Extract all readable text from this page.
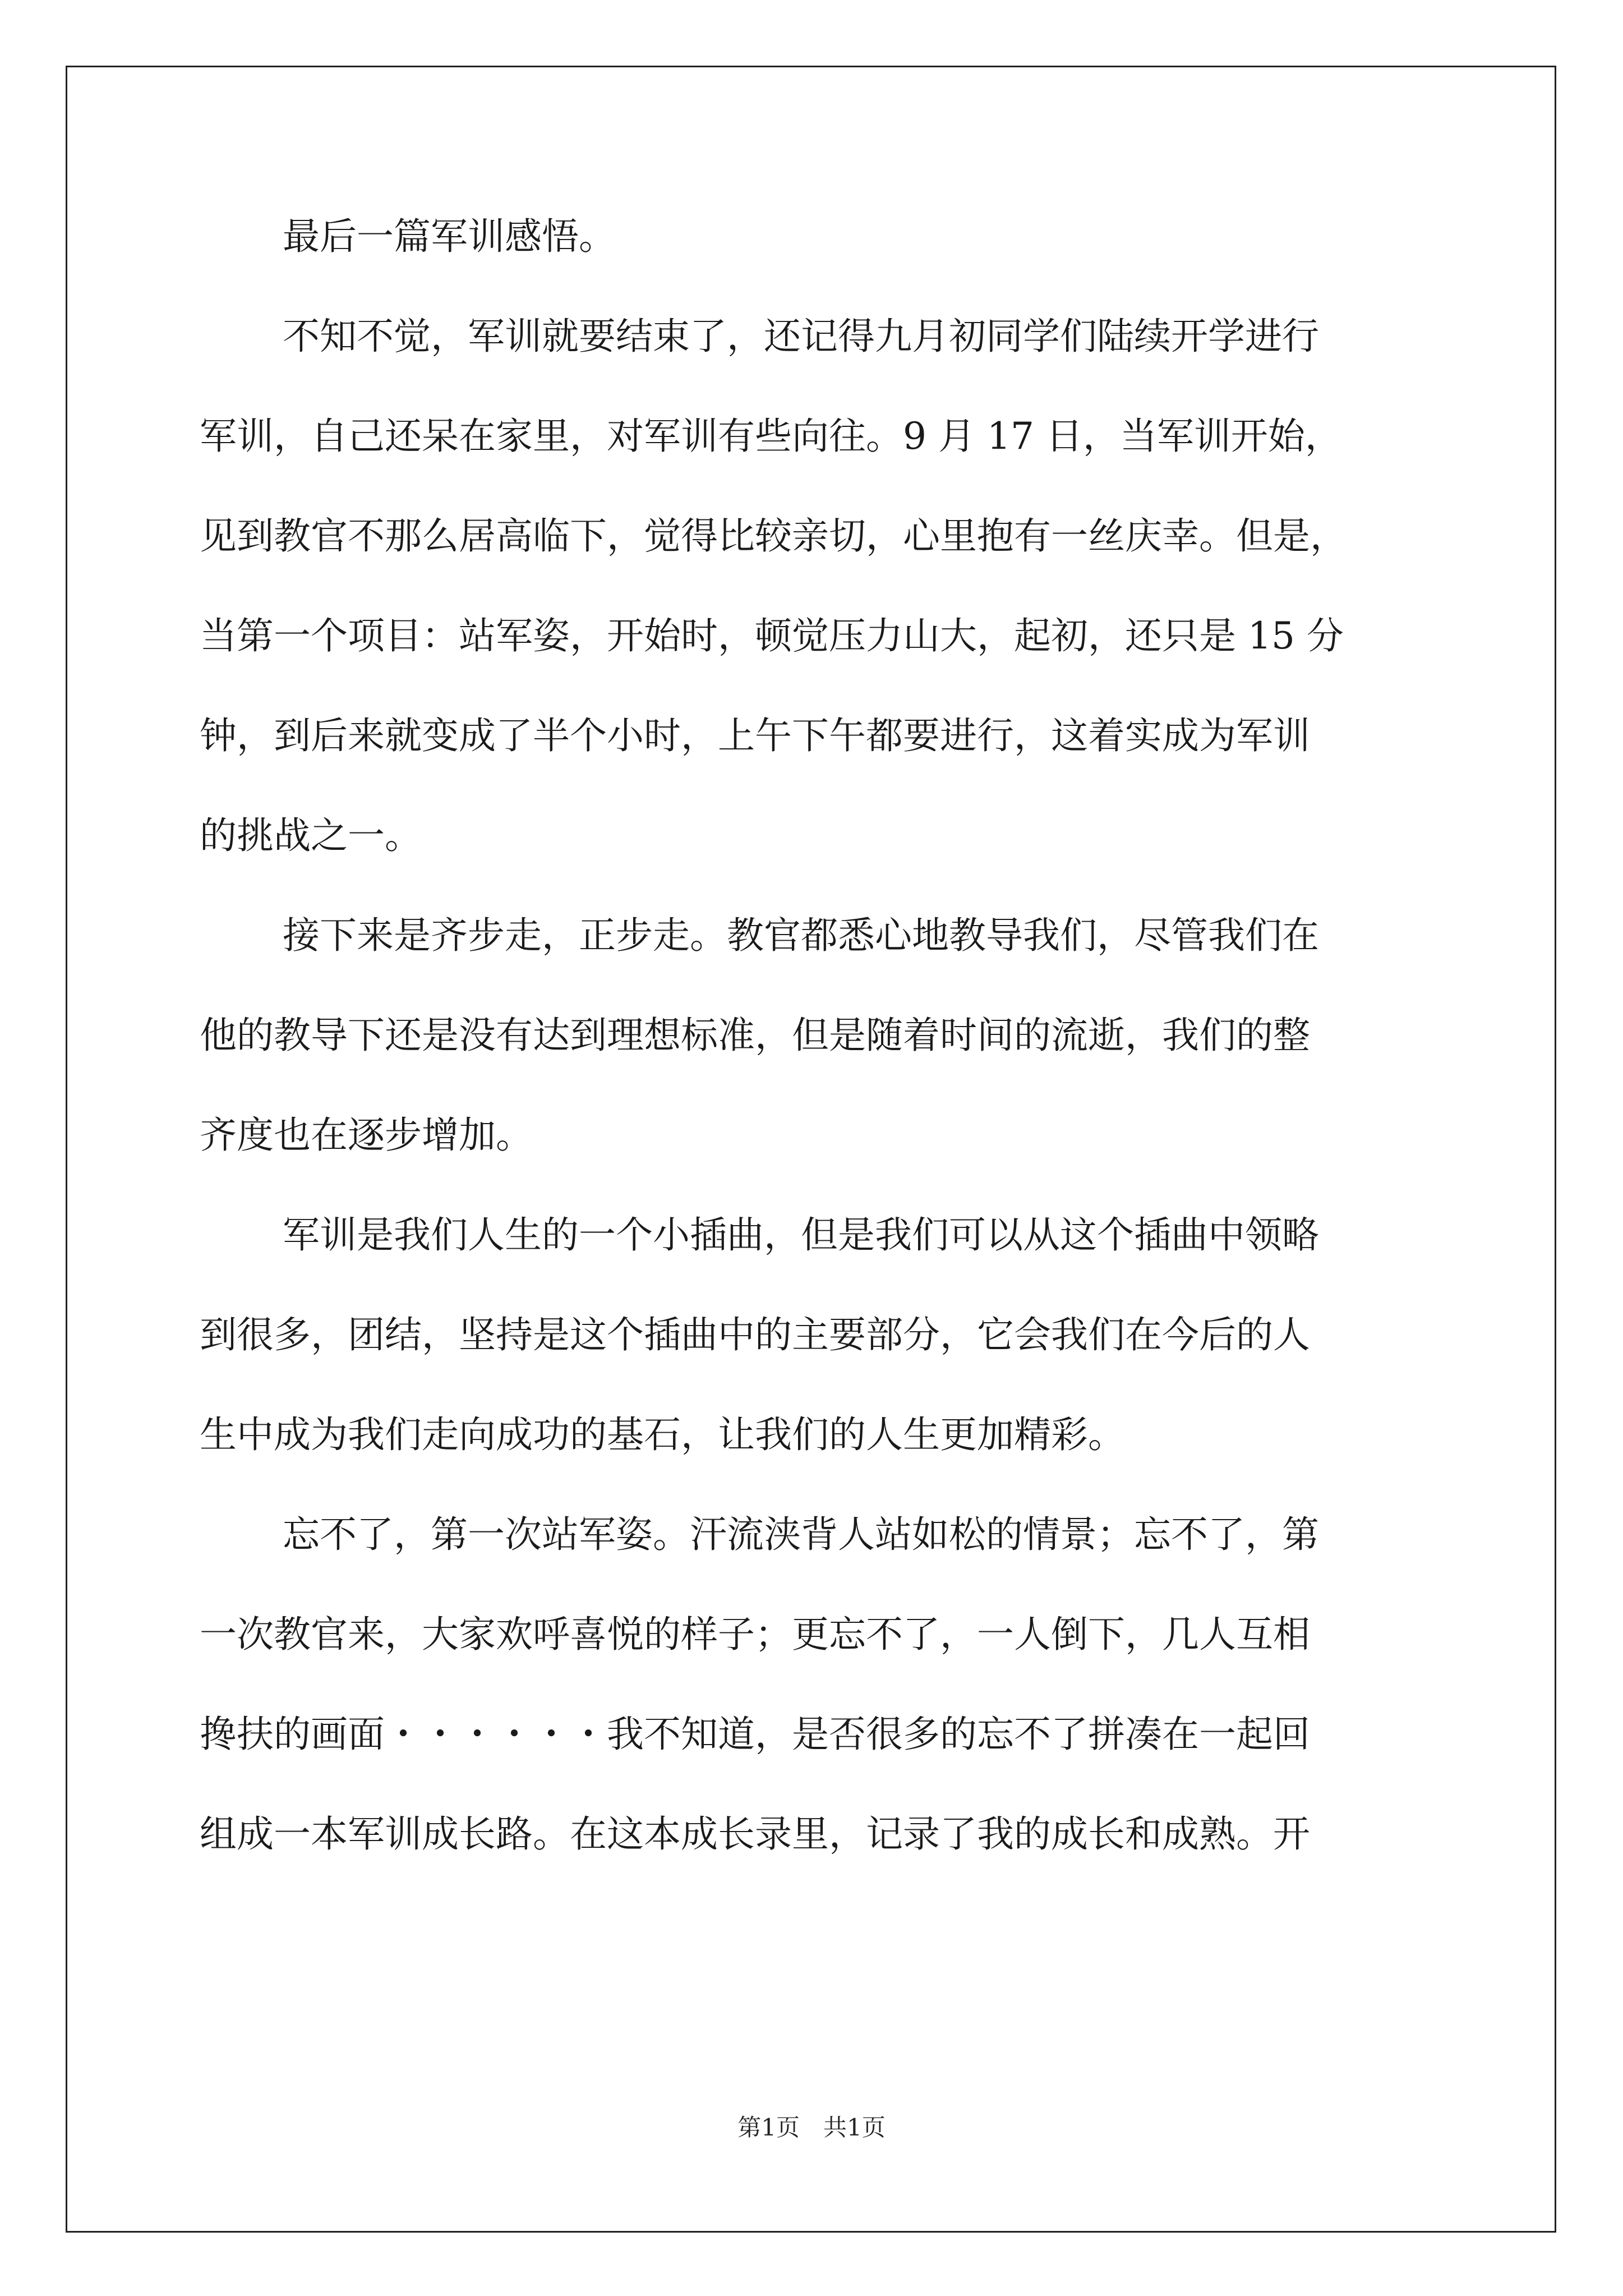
最后一篇军训感悟。
不知不觉，军训就要结束了，还记得九月初同学们陆续开学进行
军训，自己还呆在家里，对军训有些向往。9 月 17 日，当军训开始，
见到教官不那么居高临下，觉得比较亲切，心里抱有一丝庆幸。但是，
当第一个项目：站军姿，开始时，顿觉压力山大，起初，还只是 15 分
钟，到后来就变成了半个小时，上午下午都要进行，这着实成为军训
的挑战之一。
接下来是齐步走，正步走。教官都悉心地教导我们，尽管我们在
他的教导下还是没有达到理想标准，但是随着时间的流逝，我们的整
齐度也在逐步增加。
军训是我们人生的一个小插曲，但是我们可以从这个插曲中领略
到很多，团结，坚持是这个插曲中的主要部分，它会我们在今后的人
生中成为我们走向成功的基石，让我们的人生更加精彩。
忘不了，第一次站军姿。汗流浃背人站如松的情景；忘不了，第
一次教官来，大家欢呼喜悦的样子；更忘不了，一人倒下，几人互相
搀扶的画面・・・・・・我不知道，是否很多的忘不了拼凑在一起回
组成一本军训成长路。在这本成长录里，记录了我的成长和成熟。开
第1页　共1页
